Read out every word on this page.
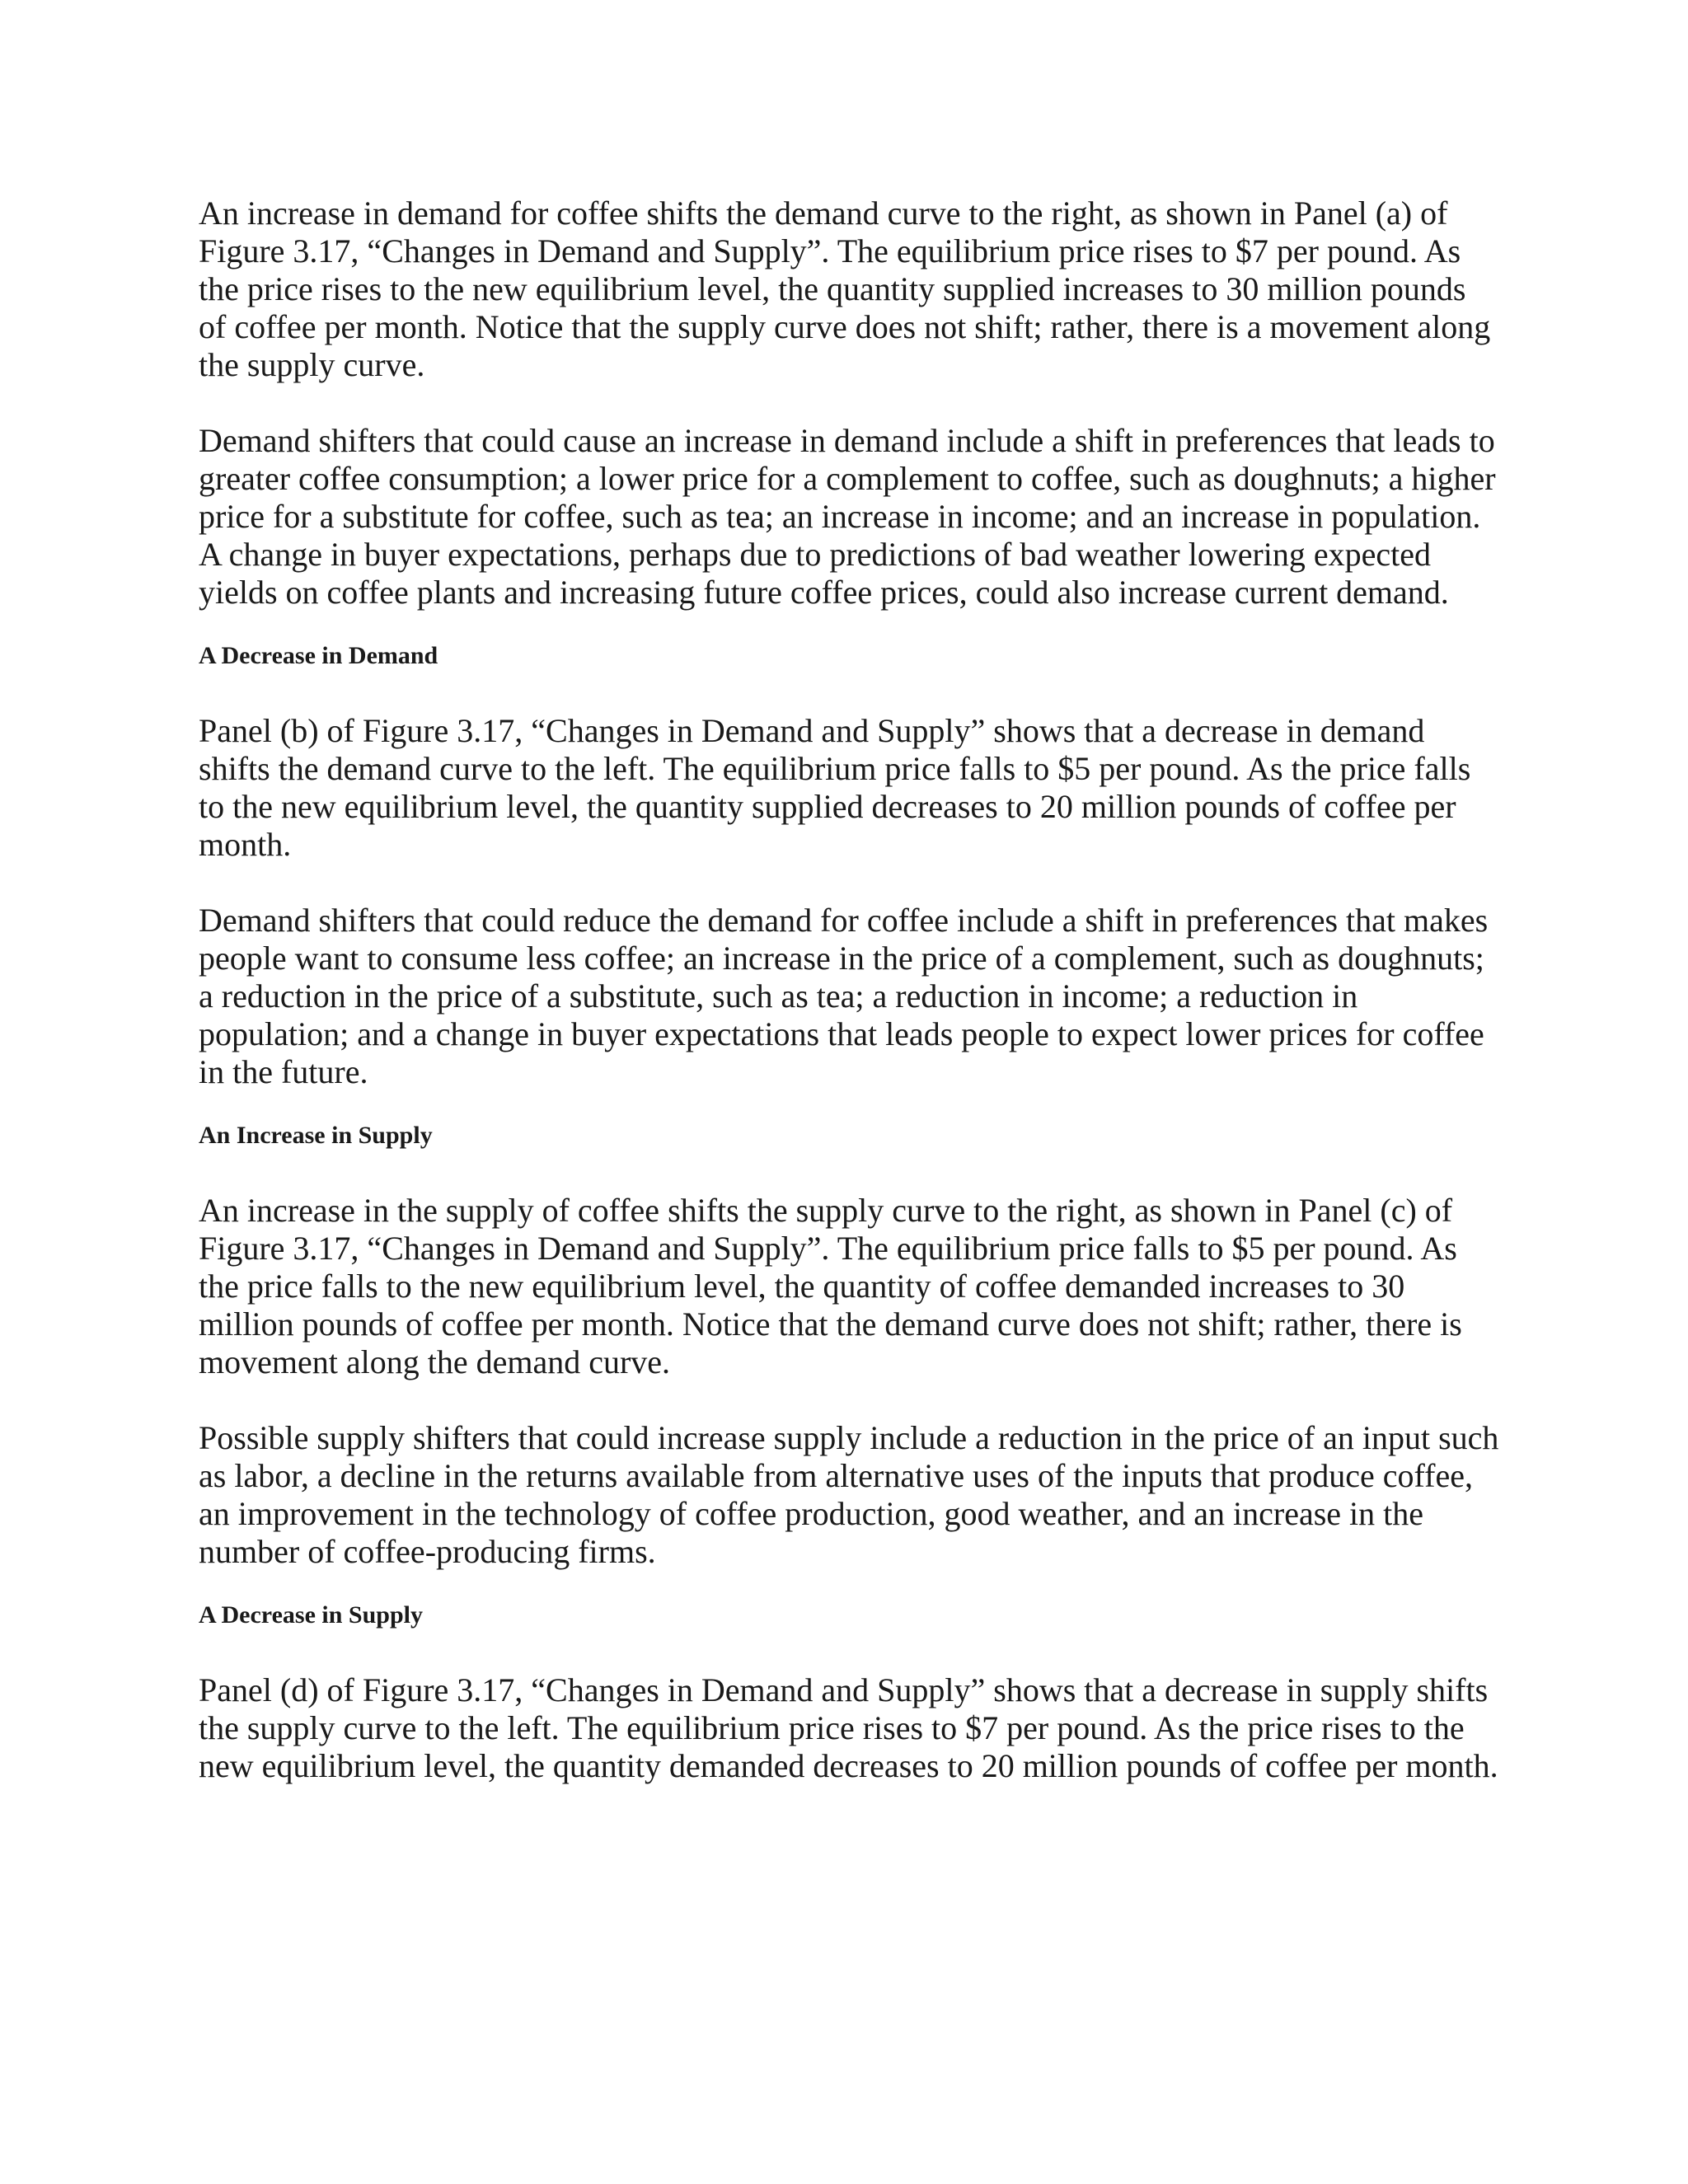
An increase in demand for coffee shifts the demand curve to the right, as shown in Panel (a) of Figure 3.17, “Changes in Demand and Supply”. The equilibrium price rises to $7 per pound. As the price rises to the new equilibrium level, the quantity supplied increases to 30 million pounds of coffee per month. Notice that the supply curve does not shift; rather, there is a movement along the supply curve.

Demand shifters that could cause an increase in demand include a shift in preferences that leads to greater coffee consumption; a lower price for a complement to coffee, such as doughnuts; a higher price for a substitute for coffee, such as tea; an increase in income; and an increase in population. A change in buyer expectations, perhaps due to predictions of bad weather lowering expected yields on coffee plants and increasing future coffee prices, could also increase current demand.

A Decrease in Demand

Panel (b) of Figure 3.17, “Changes in Demand and Supply” shows that a decrease in demand shifts the demand curve to the left. The equilibrium price falls to $5 per pound. As the price falls to the new equilibrium level, the quantity supplied decreases to 20 million pounds of coffee per month.

Demand shifters that could reduce the demand for coffee include a shift in preferences that makes people want to consume less coffee; an increase in the price of a complement, such as doughnuts; a reduction in the price of a substitute, such as tea; a reduction in income; a reduction in population; and a change in buyer expectations that leads people to expect lower prices for coffee in the future.

An Increase in Supply

An increase in the supply of coffee shifts the supply curve to the right, as shown in Panel (c) of Figure 3.17, “Changes in Demand and Supply”. The equilibrium price falls to $5 per pound. As the price falls to the new equilibrium level, the quantity of coffee demanded increases to 30 million pounds of coffee per month. Notice that the demand curve does not shift; rather, there is movement along the demand curve.

Possible supply shifters that could increase supply include a reduction in the price of an input such as labor, a decline in the returns available from alternative uses of the inputs that produce coffee, an improvement in the technology of coffee production, good weather, and an increase in the number of coffee-producing firms.

A Decrease in Supply

Panel (d) of Figure 3.17, “Changes in Demand and Supply” shows that a decrease in supply shifts the supply curve to the left. The equilibrium price rises to $7 per pound. As the price rises to the new equilibrium level, the quantity demanded decreases to 20 million pounds of coffee per month.
